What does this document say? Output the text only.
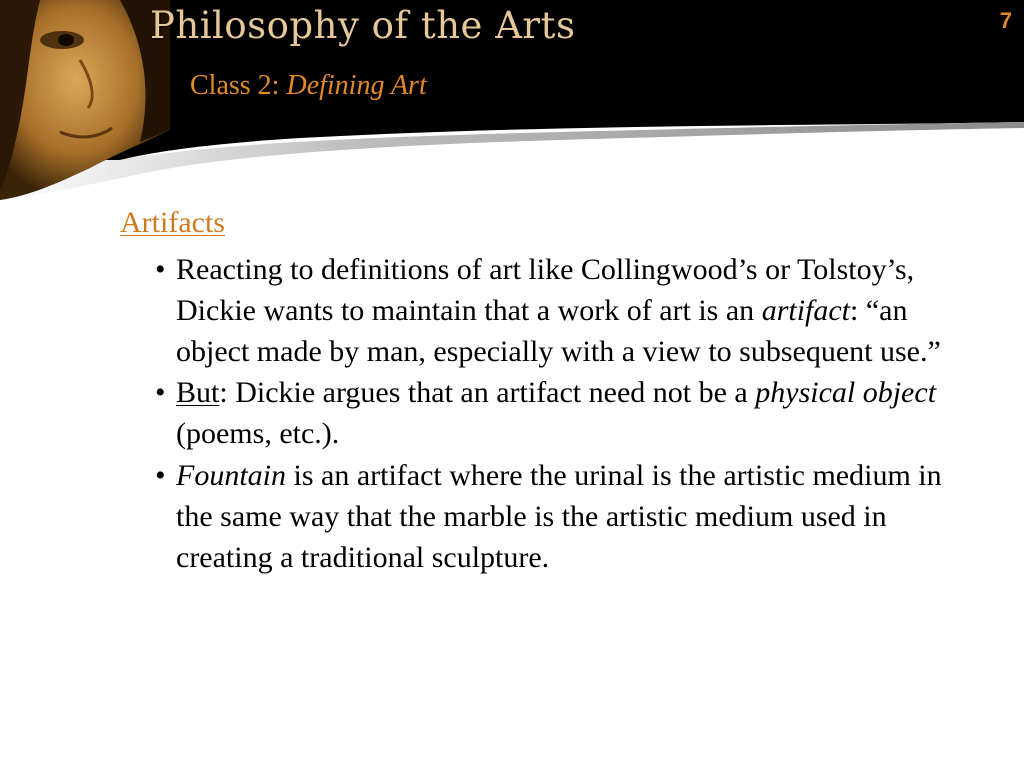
Philosophy of the Arts
Class 2: Defining Art
7
Artifacts
• Reacting to definitions of art like Collingwood’s or Tolstoy’s, Dickie wants to maintain that a work of art is an artifact: “an object made by man, especially with a view to subsequent use.”
• But: Dickie argues that an artifact need not be a physical object (poems, etc.).
• Fountain is an artifact where the urinal is the artistic medium in the same way that the marble is the artistic medium used in creating a traditional sculpture.
